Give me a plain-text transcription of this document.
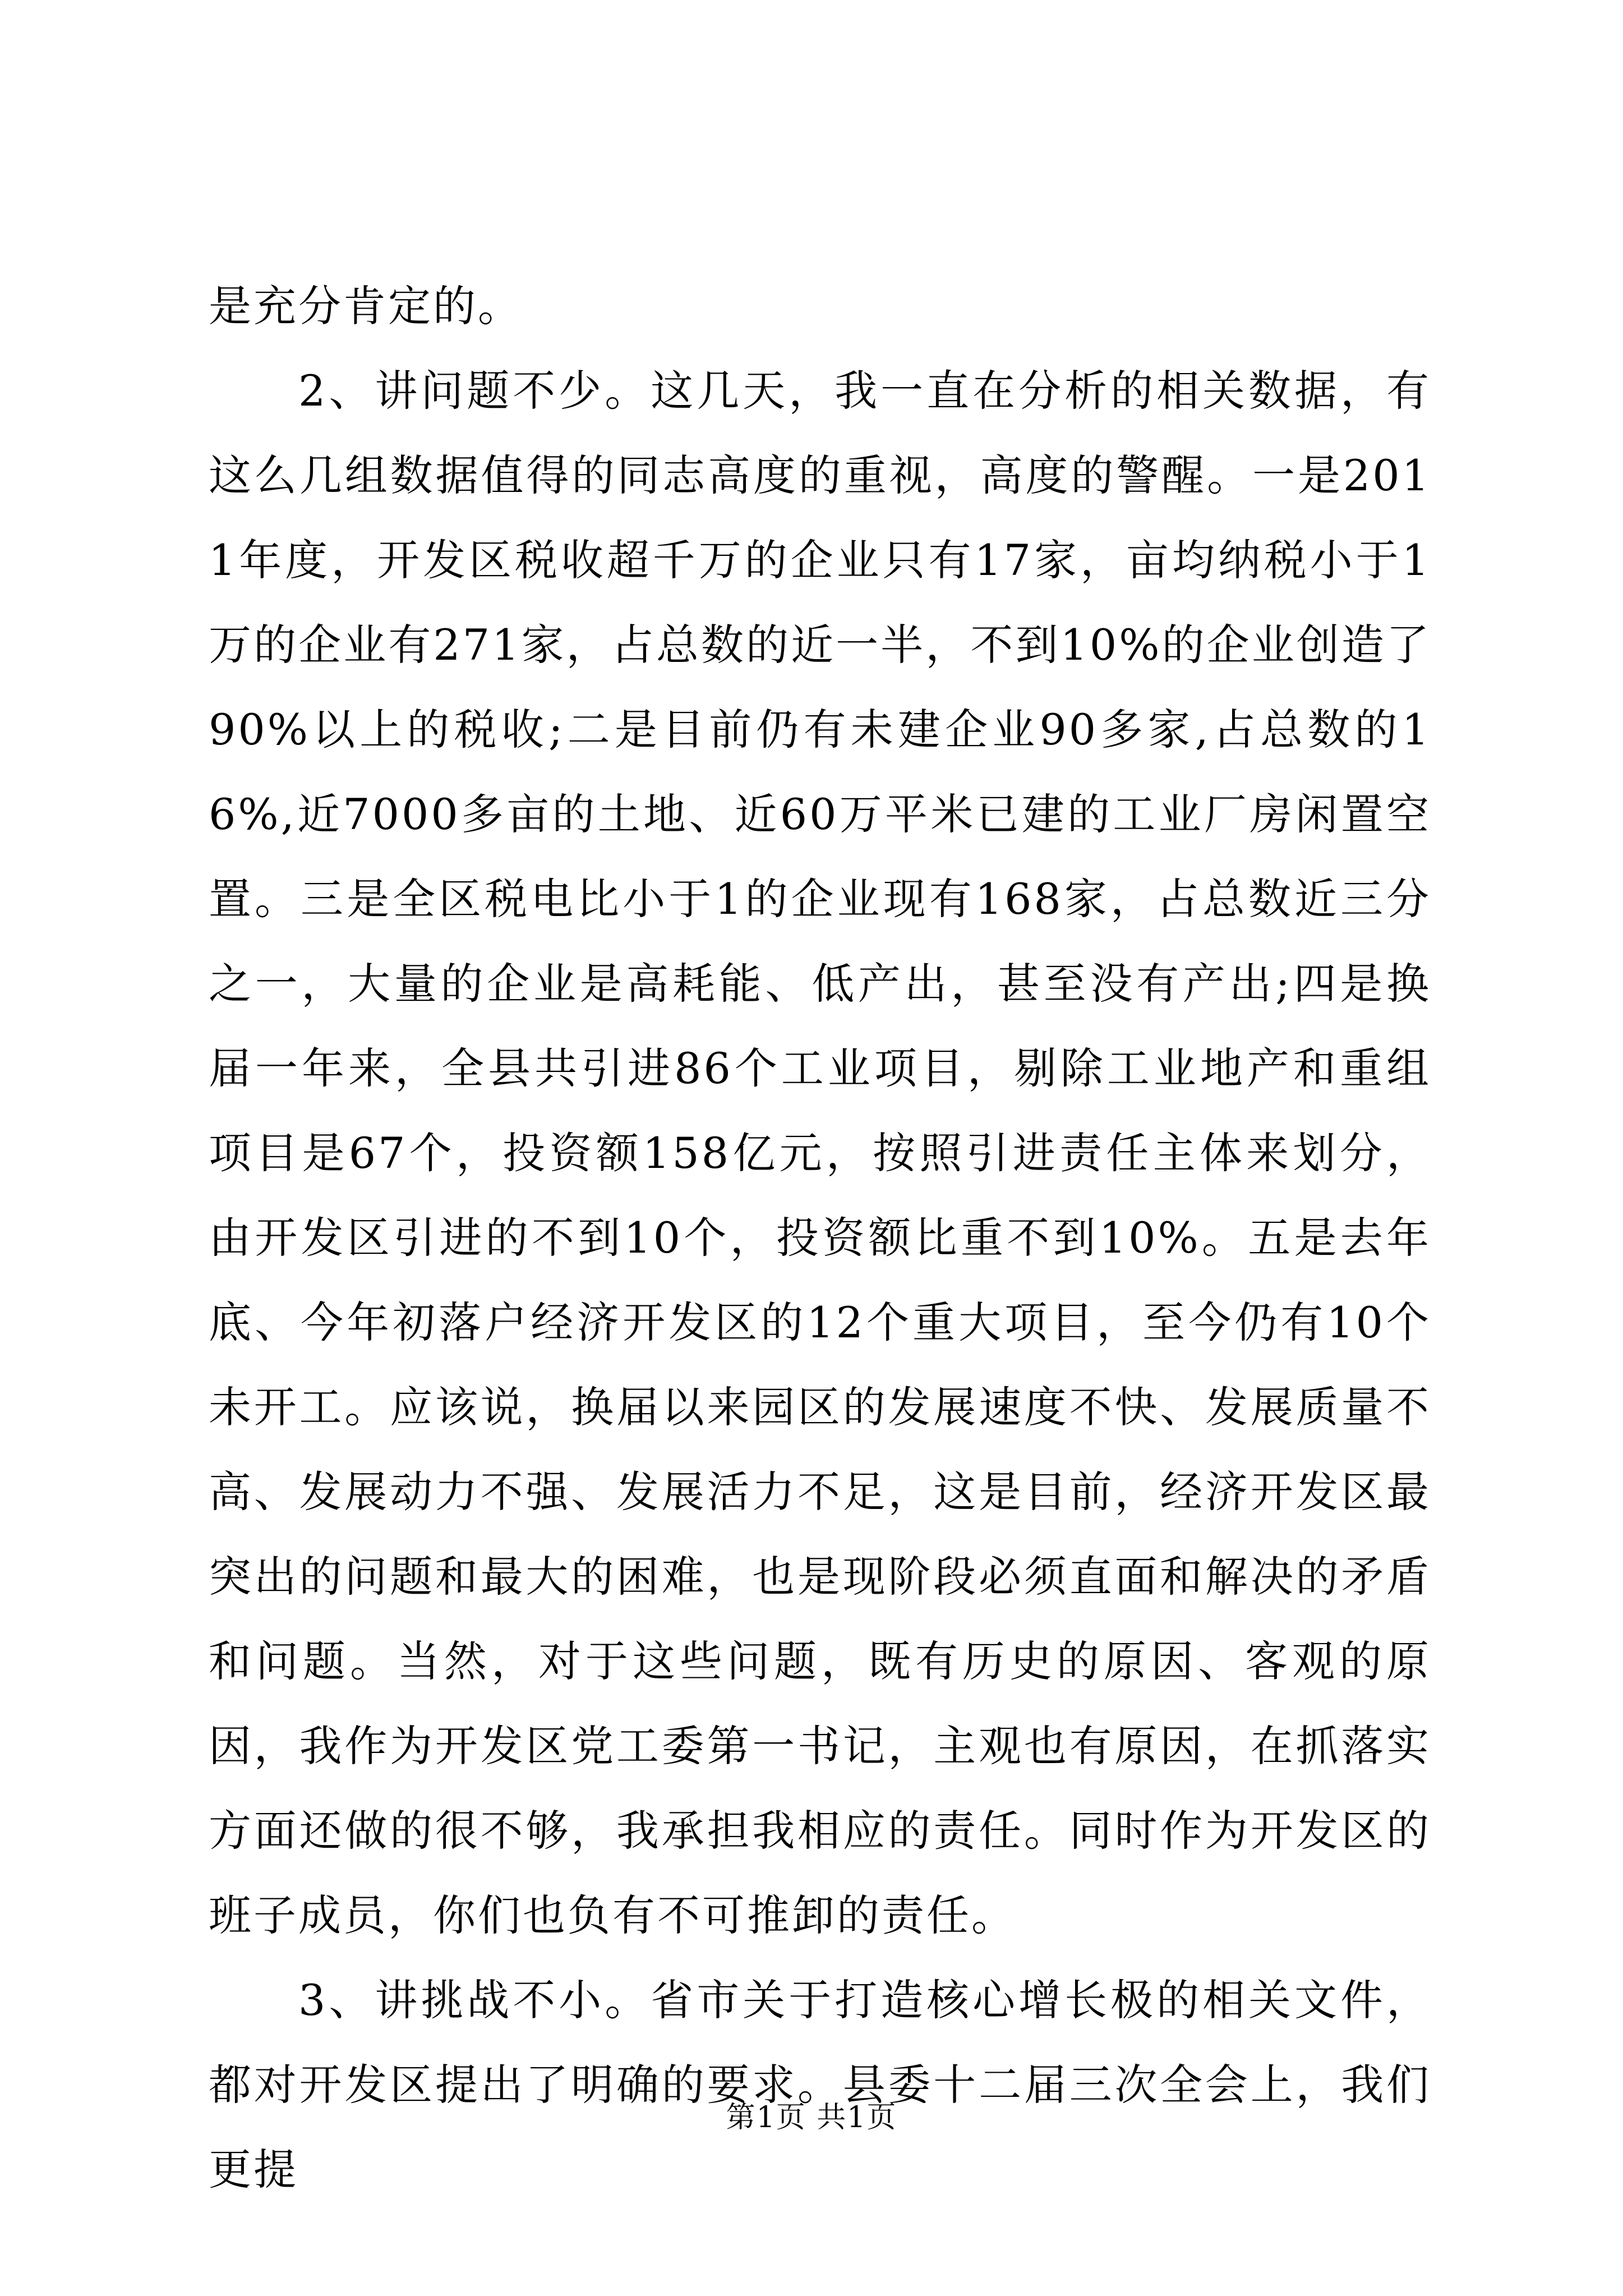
是充分肯定的。

2、讲问题不少。这几天，我一直在分析的相关数据，有这么几组数据值得的同志高度的重视，高度的警醒。一是2011年度，开发区税收超千万的企业只有17家，亩均纳税小于1万的企业有271家，占总数的近一半，不到10%的企业创造了90%以上的税收;二是目前仍有未建企业90多家,占总数的16%,近7000多亩的土地、近60万平米已建的工业厂房闲置空置。三是全区税电比小于1的企业现有168家，占总数近三分之一，大量的企业是高耗能、低产出，甚至没有产出;四是换届一年来，全县共引进86个工业项目，剔除工业地产和重组项目是67个，投资额158亿元，按照引进责任主体来划分，由开发区引进的不到10个，投资额比重不到10%。五是去年底、今年初落户经济开发区的12个重大项目，至今仍有10个未开工。应该说，换届以来园区的发展速度不快、发展质量不高、发展动力不强、发展活力不足，这是目前，经济开发区最突出的问题和最大的困难，也是现阶段必须直面和解决的矛盾和问题。当然，对于这些问题，既有历史的原因、客观的原因，我作为开发区党工委第一书记，主观也有原因，在抓落实方面还做的很不够，我承担我相应的责任。同时作为开发区的班子成员，你们也负有不可推卸的责任。

3、讲挑战不小。省市关于打造核心增长极的相关文件，都对开发区提出了明确的要求。县委十二届三次全会上，我们更提

第1页 共1页
